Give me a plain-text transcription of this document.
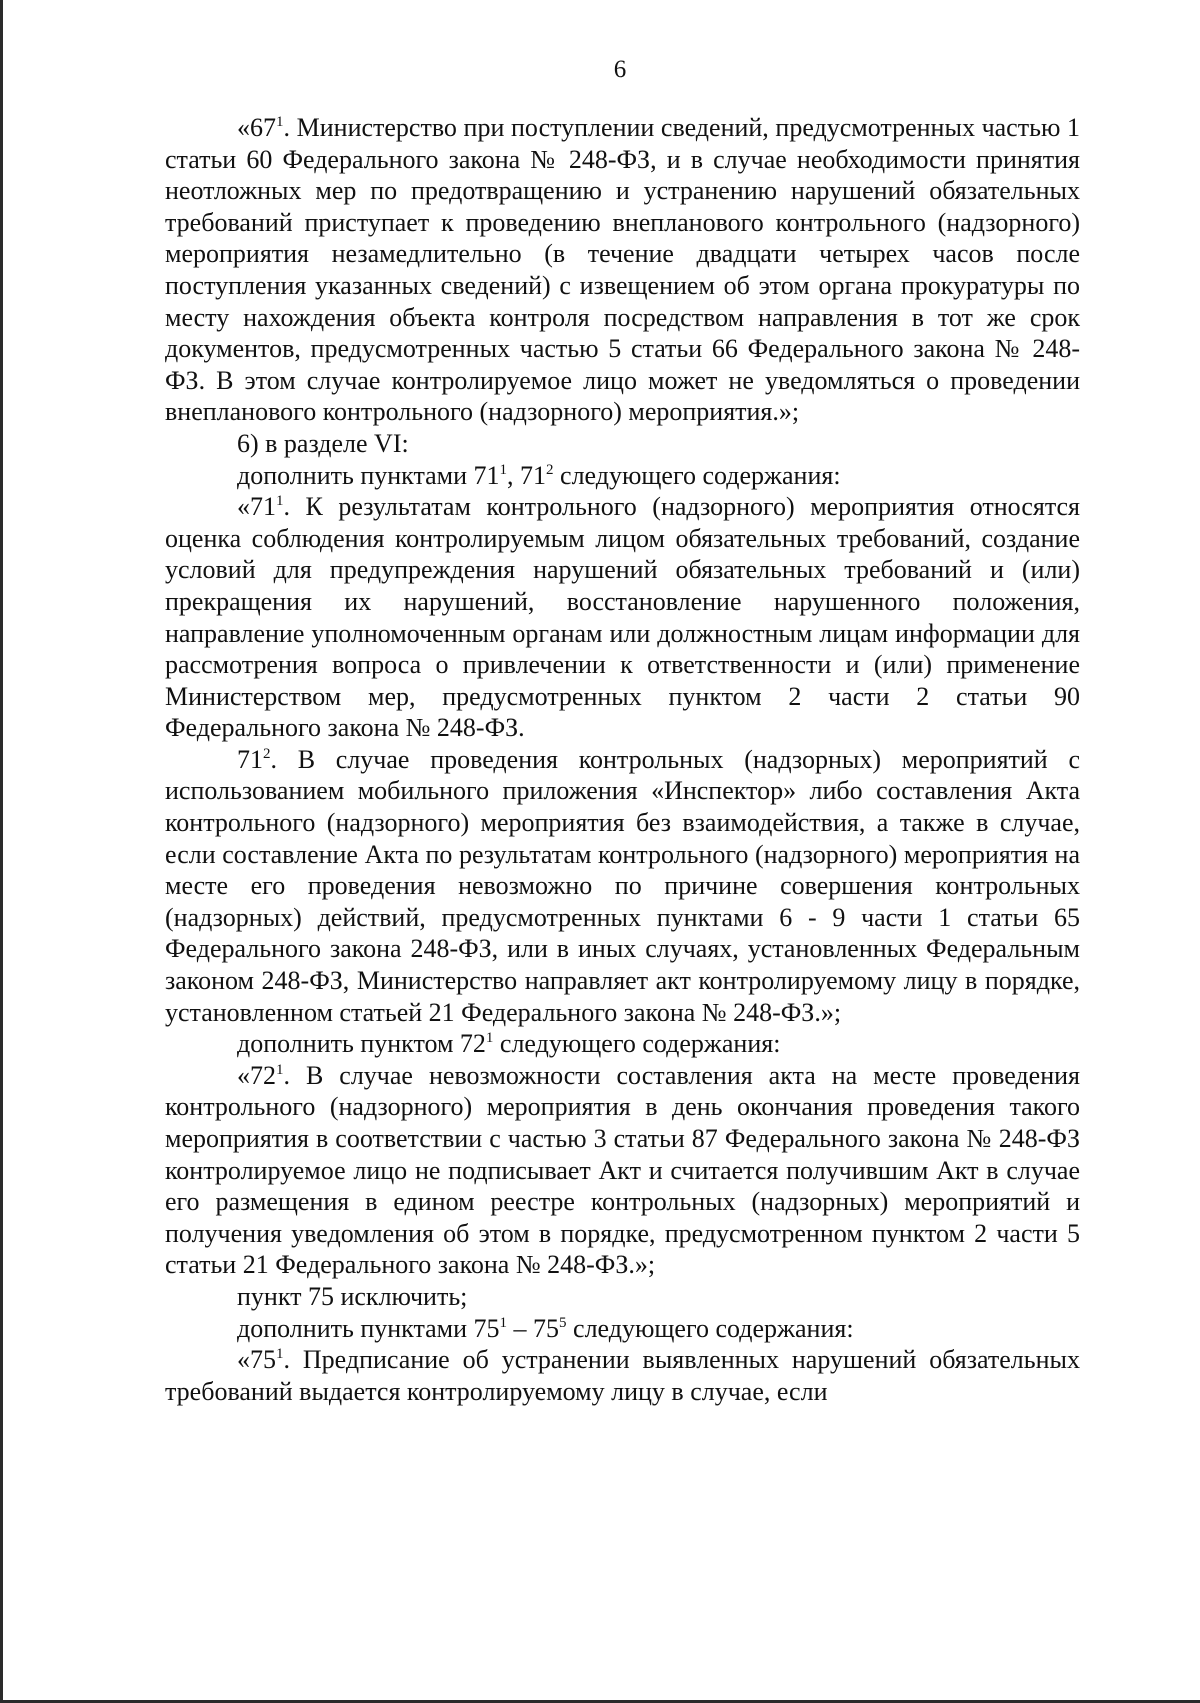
6

«$67^1$. Министерство при поступлении сведений, предусмотренных частью 1 статьи 60 Федерального закона № 248-ФЗ, и в случае необходимости принятия неотложных мер по предотвращению и устранению нарушений обязательных требований приступает к проведению внепланового контрольного (надзорного) мероприятия незамедлительно (в течение двадцати четырех часов после поступления указанных сведений) с извещением об этом органа прокуратуры по месту нахождения объекта контроля посредством направления в тот же срок документов, предусмотренных частью 5 статьи 66 Федерального закона № 248-ФЗ. В этом случае контролируемое лицо может не уведомляться о проведении внепланового контрольного (надзорного) мероприятия.»;

6) в разделе VI:

дополнить пунктами $71^1$, $71^2$ следующего содержания:

«$71^1$. К результатам контрольного (надзорного) мероприятия относятся оценка соблюдения контролируемым лицом обязательных требований, создание условий для предупреждения нарушений обязательных требований и (или) прекращения их нарушений, восстановление нарушенного положения, направление уполномоченным органам или должностным лицам информации для рассмотрения вопроса о привлечении к ответственности и (или) применение Министерством мер, предусмотренных пунктом 2 части 2 статьи 90 Федерального закона № 248-ФЗ.

$71^2$. В случае проведения контрольных (надзорных) мероприятий с использованием мобильного приложения «Инспектор» либо составления Акта контрольного (надзорного) мероприятия без взаимодействия, а также в случае, если составление Акта по результатам контрольного (надзорного) мероприятия на месте его проведения невозможно по причине совершения контрольных (надзорных) действий, предусмотренных пунктами 6 - 9 части 1 статьи 65 Федерального закона 248-ФЗ, или в иных случаях, установленных Федеральным законом 248-ФЗ, Министерство направляет акт контролируемому лицу в порядке, установленном статьей 21 Федерального закона № 248-ФЗ.»;

дополнить пунктом $72^1$ следующего содержания:

«$72^1$. В случае невозможности составления акта на месте проведения контрольного (надзорного) мероприятия в день окончания проведения такого мероприятия в соответствии с частью 3 статьи 87 Федерального закона № 248-ФЗ контролируемое лицо не подписывает Акт и считается получившим Акт в случае его размещения в едином реестре контрольных (надзорных) мероприятий и получения уведомления об этом в порядке, предусмотренном пунктом 2 части 5 статьи 21 Федерального закона № 248-ФЗ.»;

пункт 75 исключить;

дополнить пунктами $75^1 - 75^5$ следующего содержания:

«$75^1$. Предписание об устранении выявленных нарушений обязательных требований выдается контролируемому лицу в случае, если
